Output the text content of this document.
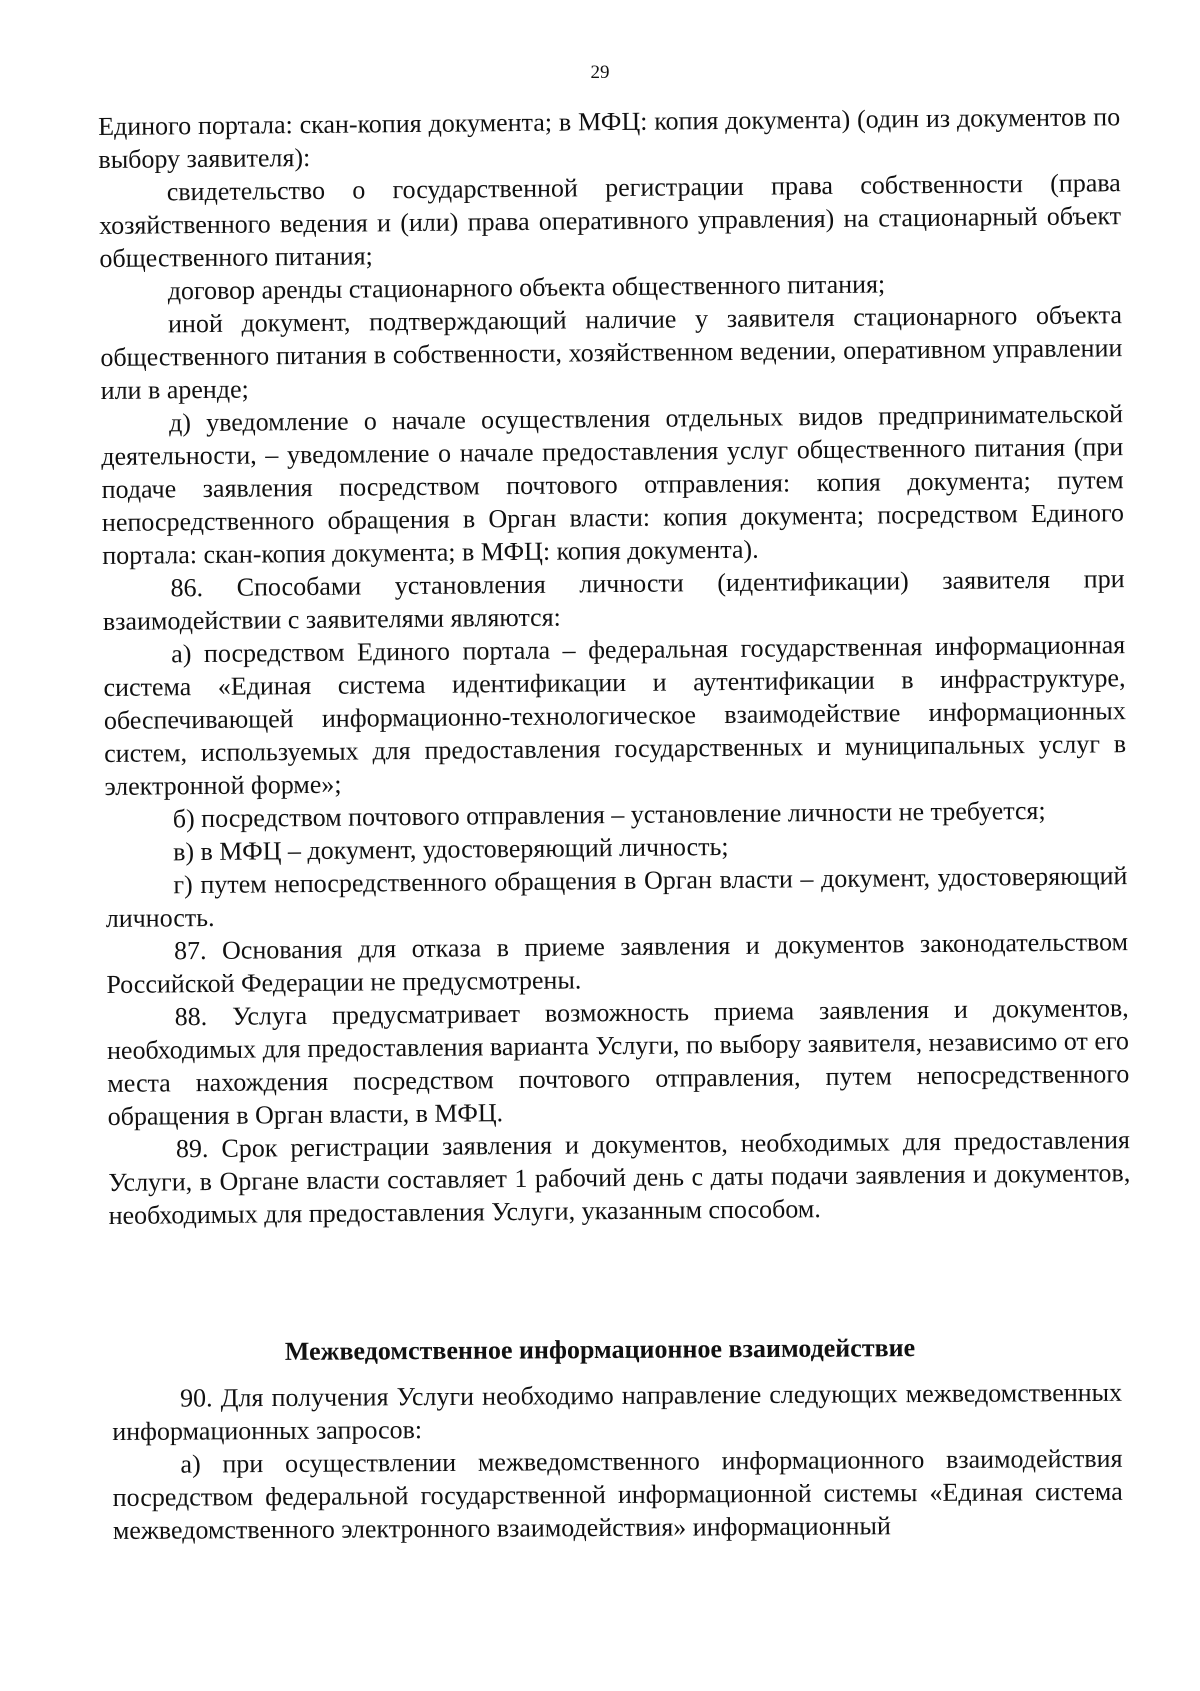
29

Единого портала: скан-копия документа; в МФЦ: копия документа) (один из документов по выбору заявителя):

свидетельство о государственной регистрации права собственности (права хозяйственного ведения и (или) права оперативного управления) на стационарный объект общественного питания;

договор аренды стационарного объекта общественного питания;

иной документ, подтверждающий наличие у заявителя стационарного объекта общественного питания в собственности, хозяйственном ведении, оперативном управлении или в аренде;

д) уведомление о начале осуществления отдельных видов предпринимательской деятельности, – уведомление о начале предоставления услуг общественного питания (при подаче заявления посредством почтового отправления: копия документа; путем непосредственного обращения в Орган власти: копия документа; посредством Единого портала: скан-копия документа; в МФЦ: копия документа).

86. Способами установления личности (идентификации) заявителя при взаимодействии с заявителями являются:

а) посредством Единого портала – федеральная государственная информационная система «Единая система идентификации и аутентификации в инфраструктуре, обеспечивающей информационно-технологическое взаимодействие информационных систем, используемых для предоставления государственных и муниципальных услуг в электронной форме»;

б) посредством почтового отправления – установление личности не требуется;

в) в МФЦ – документ, удостоверяющий личность;

г) путем непосредственного обращения в Орган власти – документ, удостоверяющий личность.

87. Основания для отказа в приеме заявления и документов законодательством Российской Федерации не предусмотрены.

88. Услуга предусматривает возможность приема заявления и документов, необходимых для предоставления варианта Услуги, по выбору заявителя, независимо от его места нахождения посредством почтового отправления, путем непосредственного обращения в Орган власти, в МФЦ.

89. Срок регистрации заявления и документов, необходимых для предоставления Услуги, в Органе власти составляет 1 рабочий день с даты подачи заявления и документов, необходимых для предоставления Услуги, указанным способом.

Межведомственное информационное взаимодействие

90. Для получения Услуги необходимо направление следующих межведомственных информационных запросов:

а) при осуществлении межведомственного информационного взаимодействия посредством федеральной государственной информационной системы «Единая система межведомственного электронного взаимодействия» информационный
